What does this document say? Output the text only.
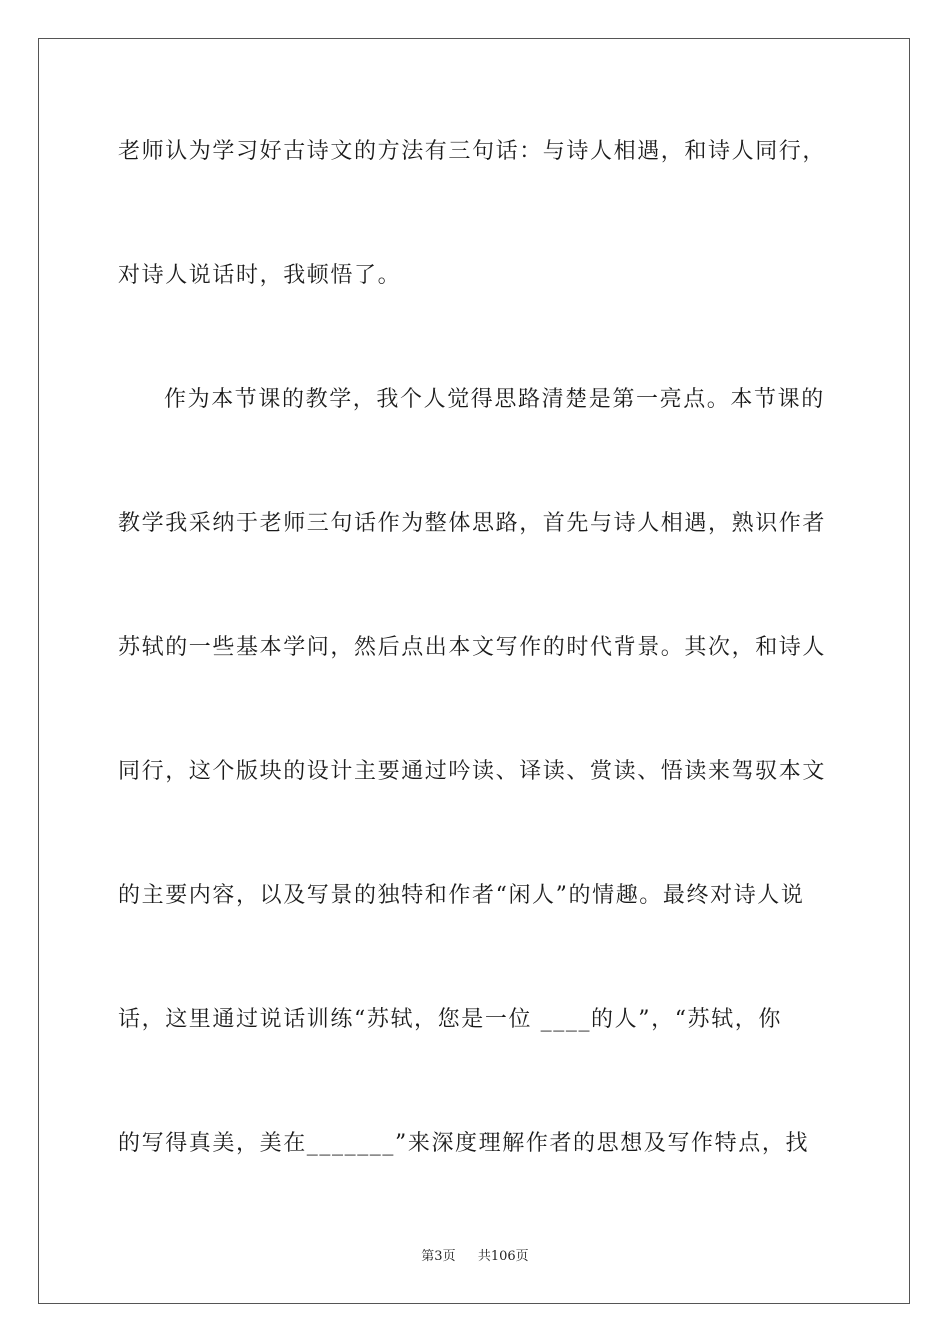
老师认为学习好古诗文的方法有三句话：与诗人相遇，和诗人同行，
对诗人说话时，我顿悟了。
作为本节课的教学，我个人觉得思路清楚是第一亮点。本节课的
教学我采纳于老师三句话作为整体思路，首先与诗人相遇，熟识作者
苏轼的一些基本学问，然后点出本文写作的时代背景。其次，和诗人
同行，这个版块的设计主要通过吟读、译读、赏读、悟读来驾驭本文
的主要内容，以及写景的独特和作者“闲人”的情趣。最终对诗人说
话，这里通过说话训练“苏轼，您是一位 ____的人”，“苏轼，你
的写得真美，美在_______”来深度理解作者的思想及写作特点，找
第3页 共106页
